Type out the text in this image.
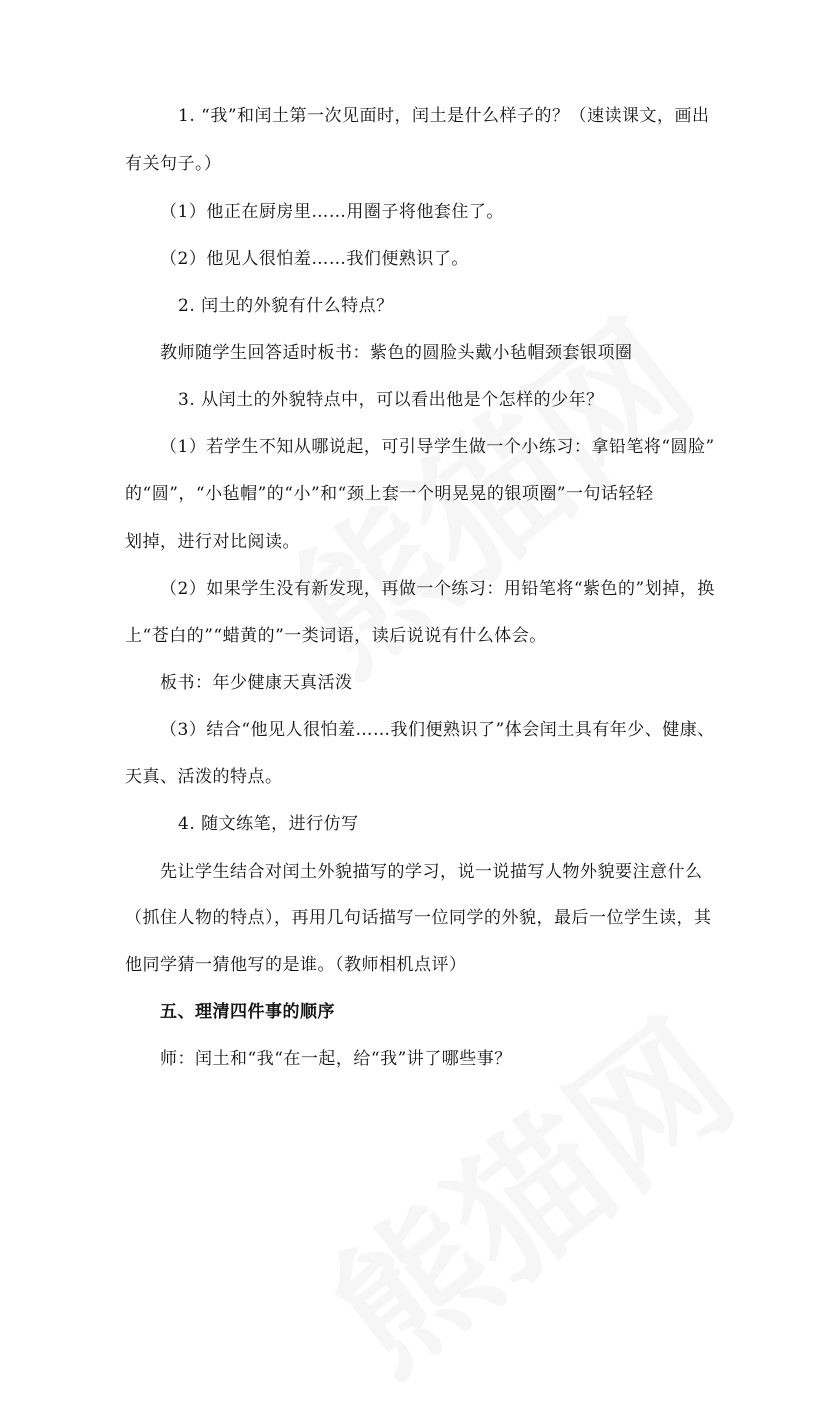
1. “我”和闰土第一次见面时，闰土是什么样子的？（速读课文，画出
有关句子。）
（1）他正在厨房里……用圈子将他套住了。
（2）他见人很怕羞……我们便熟识了。
2. 闰土的外貌有什么特点？
教师随学生回答适时板书：紫色的圆脸头戴小毡帽颈套银项圈
3. 从闰土的外貌特点中，可以看出他是个怎样的少年？
（1）若学生不知从哪说起，可引导学生做一个小练习：拿铅笔将“圆脸”
的“圆”，“小毡帽”的“小”和“颈上套一个明晃晃的银项圈”一句话轻轻
划掉，进行对比阅读。
（2）如果学生没有新发现，再做一个练习：用铅笔将“紫色的”划掉，换
上“苍白的”“蜡黄的”一类词语，读后说说有什么体会。
板书：年少健康天真活泼
（3）结合“他见人很怕羞……我们便熟识了”体会闰土具有年少、健康、
天真、活泼的特点。
4. 随文练笔，进行仿写
先让学生结合对闰土外貌描写的学习，说一说描写人物外貌要注意什么
（抓住人物的特点），再用几句话描写一位同学的外貌，最后一位学生读，其
他同学猜一猜他写的是谁。（教师相机点评）
五、理清四件事的顺序
师：闰土和“我“在一起，给“我”讲了哪些事？
